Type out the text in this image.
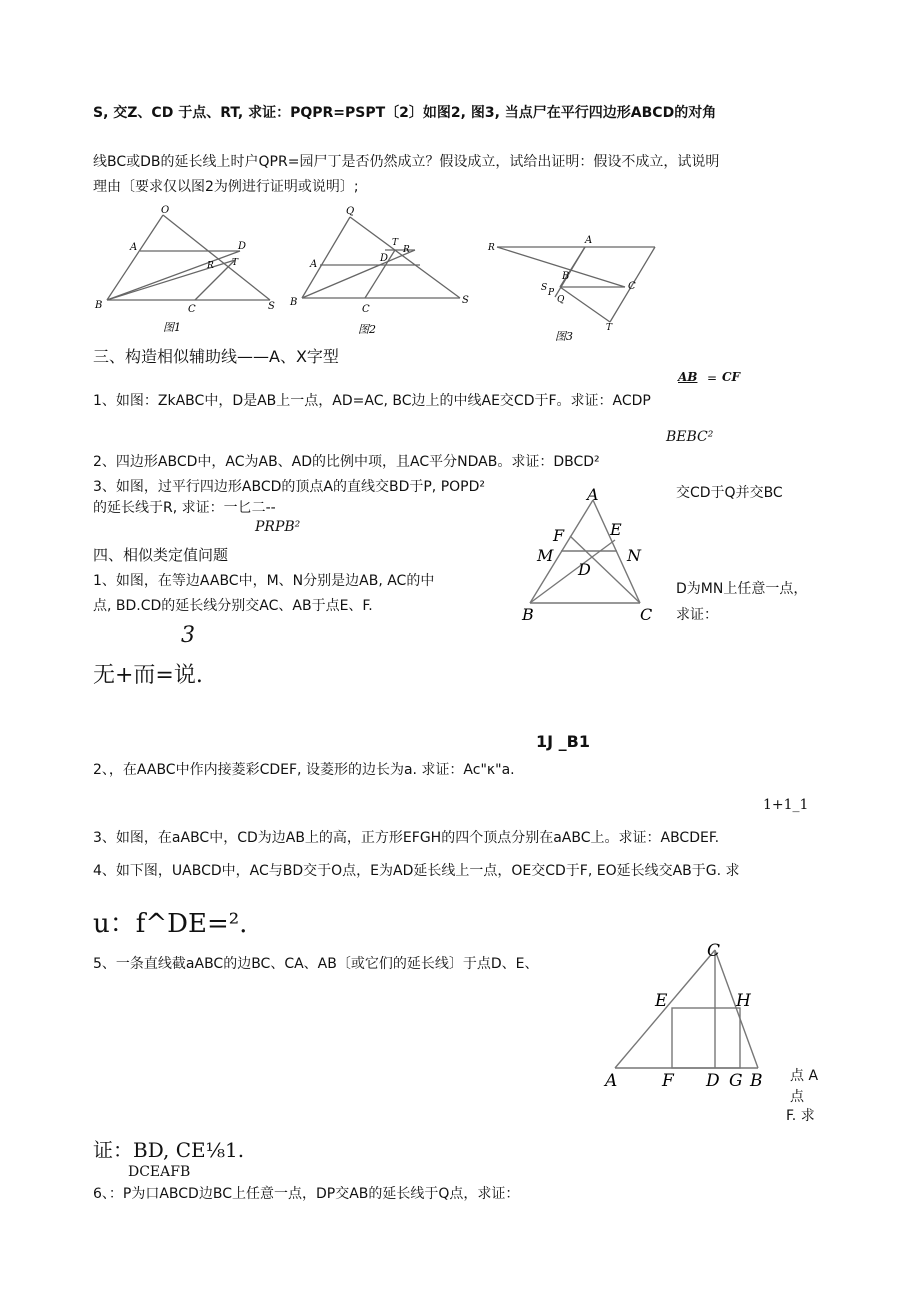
S, 交Z、CD 于点、RT, 求证：PQPR=PSPT〔2〕如图2, 图3, 当点尸在平行四边形ABCD的对角
线BC或DB的延长线上时户QPR=园尸丁是否仍然成立？假设成立，试给出证明：假设不成立，试说明
理由〔要求仅以图2为例进行证明或说明〕;
O
A	D
R T
B	C	S
图1
Q
T
A
D
R
B
C
S
图2
A
B
R
S P
Q
C
T
图3
三、构造相似辅助线——A、X字型
AB = CF
1、如图：ZkABC中，D是AB上一点，AD=AC, BC边上的中线AE交CD于F。求证：ACDP
BEBC²
2、四边形ABCD中，AC为AB、AD的比例中项，且AC平分NDAB。求证：DBCD²
3、如图，过平行四边形ABCD的顶点A的直线交BD于P, POPD²
的延长线于R, 求证：一匕二--
PRPB²
交CD于Q并交BC
A
F	E
M	N
D
B	C
四、相似类定值问题
1、如图，在等边AABC中，M、N分别是边AB, AC的中
点, BD.CD的延长线分别交AC、AB于点E、F.
D为MN上任意一点，
求证：
3
无+而=说.
1J _B1
2、，在AABC中作内接菱彩CDEF, 设菱形的边长为a. 求证：Ac"κ"a.
1+1_1
3、如图，在aABC中，CD为边AB上的高，正方形EFGH的四个顶点分别在aABC上。求证：ABCDEF.
4、如下图，UABCD中，AC与BD交于O点，E为AD延长线上一点，OE交CD于F, EO延长线交AB于G. 求
u：f^DE=².
5、一条直线截aABC的边BC、CA、AB〔或它们的延长线〕于点D、E、
C
E	H
A	F D G B 点 A
点
F. 求
证：BD, CE⅛1.
DCEAFB
6、：P为口ABCD边BC上任意一点，DP交AB的延长线于Q点，求证：
